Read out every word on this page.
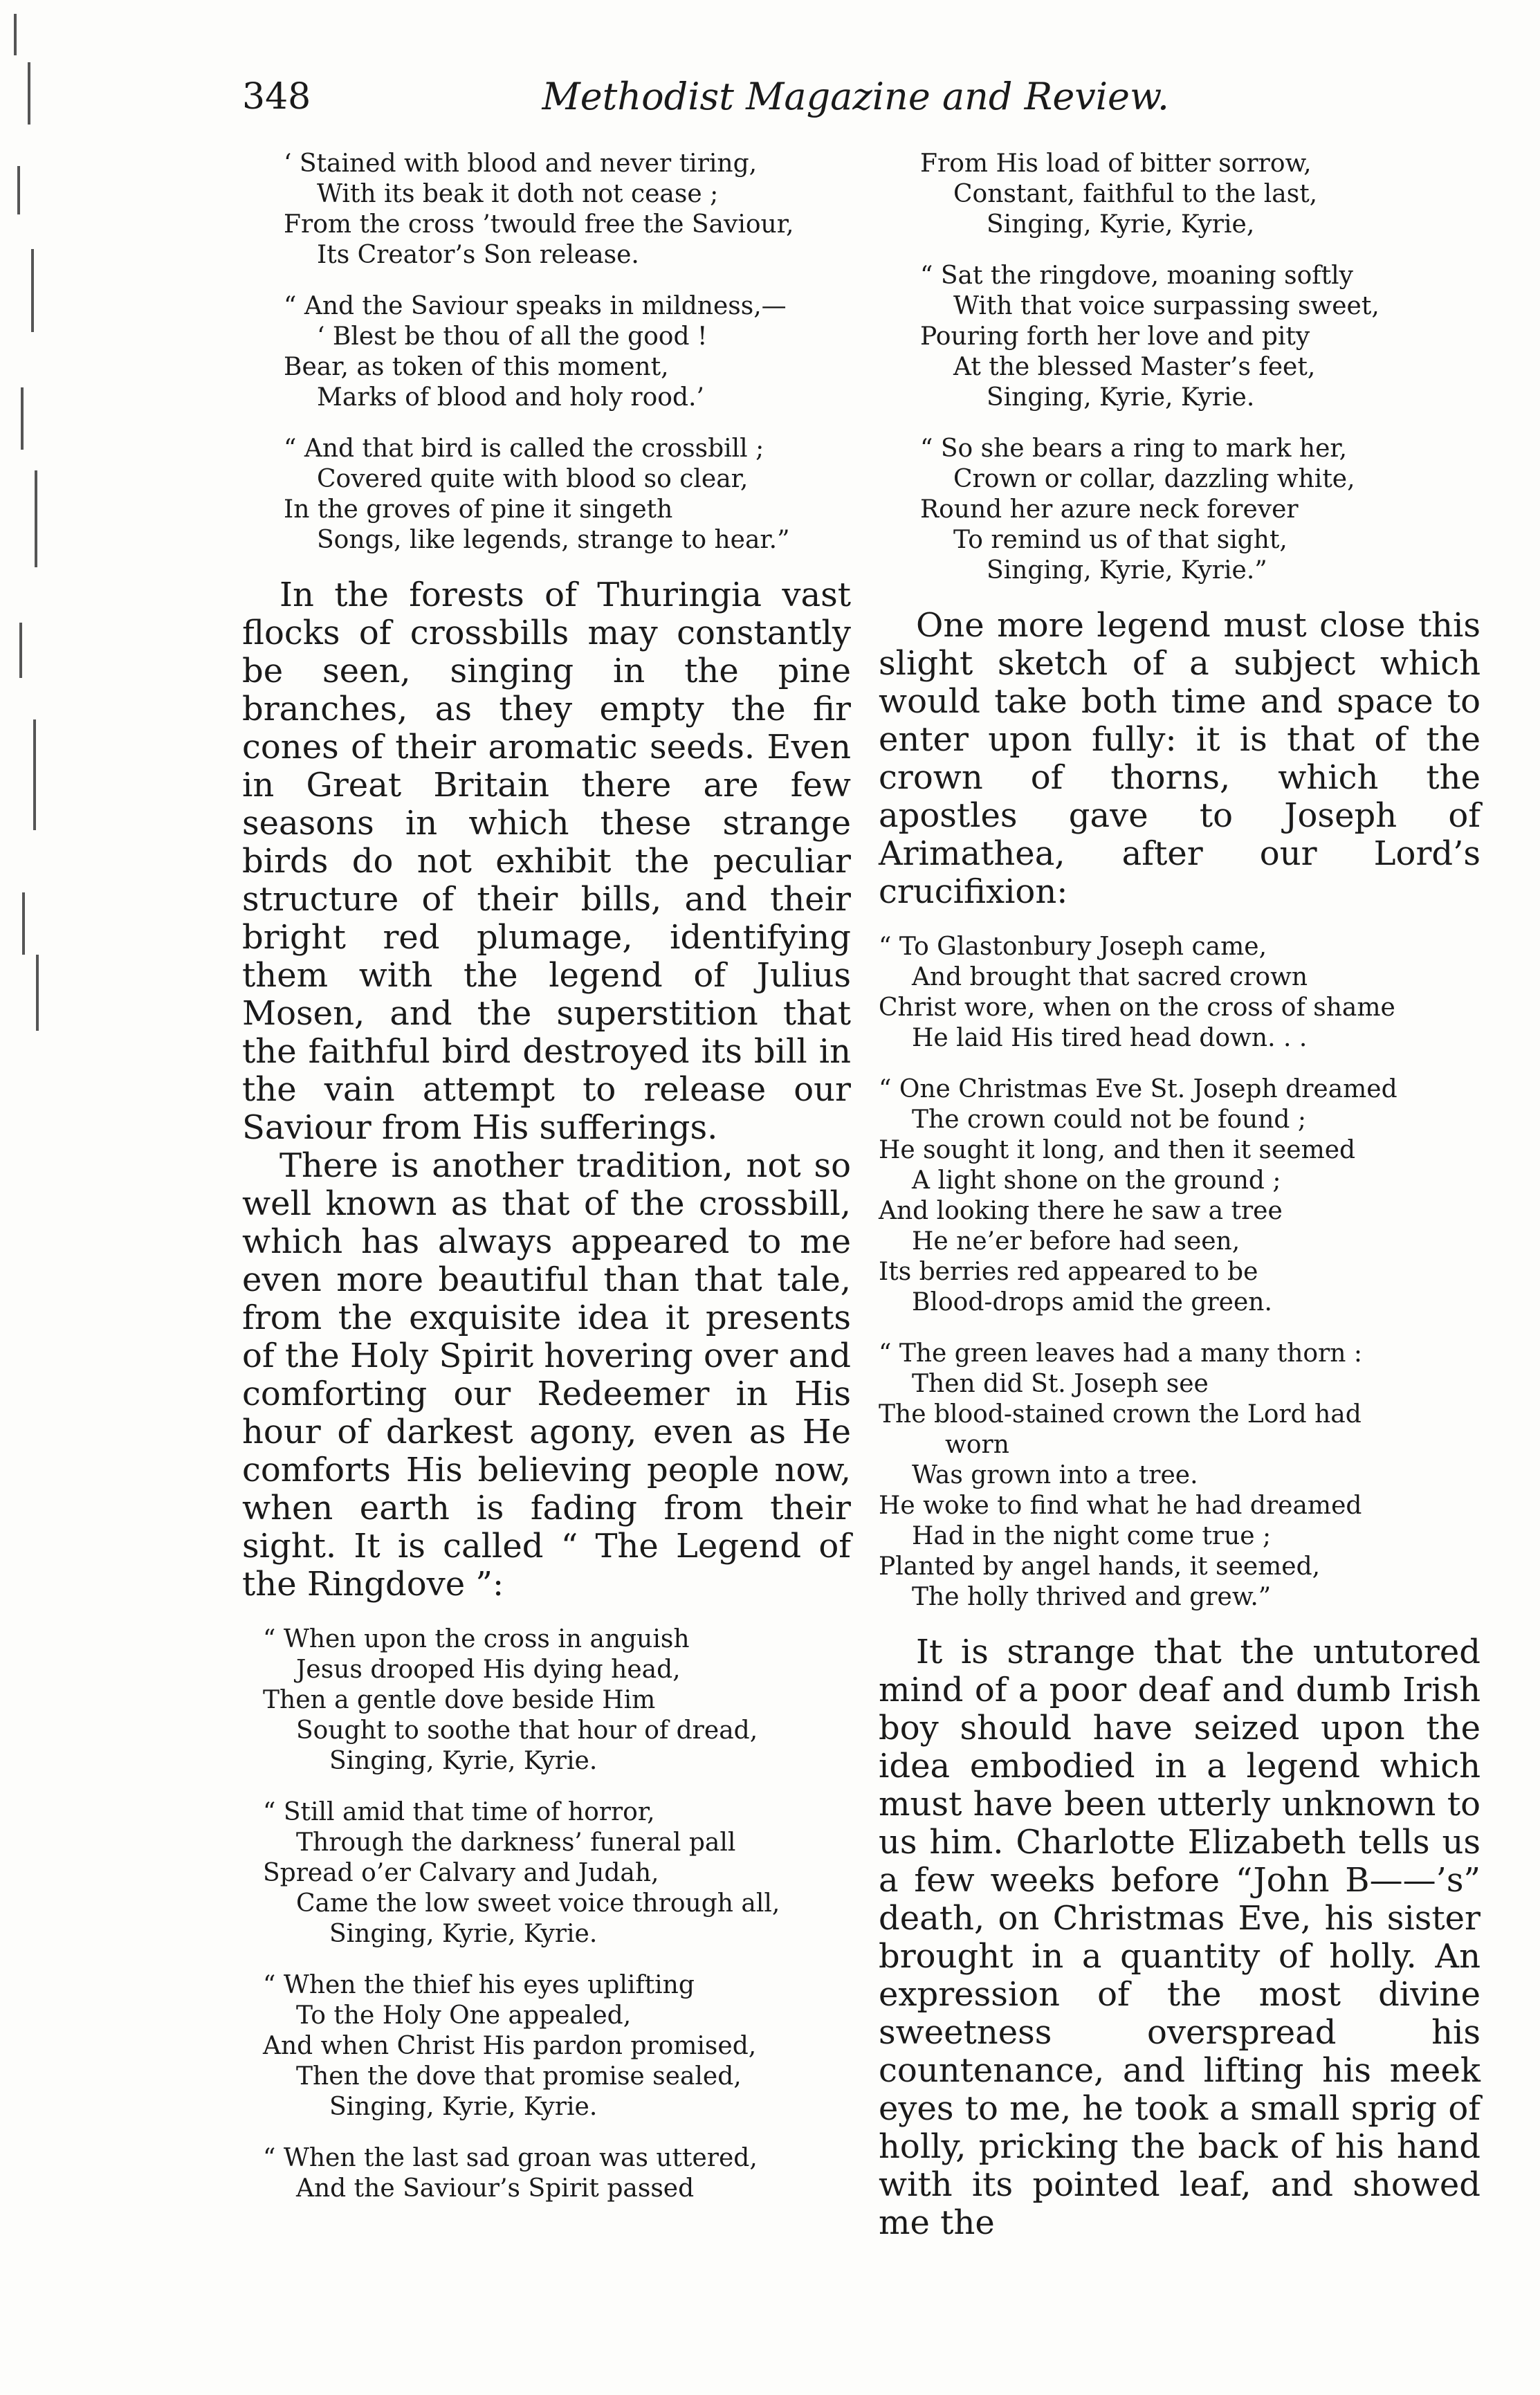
348	Methodist Magazine and Review.
‘ Stained with blood and never tiring,
With its beak it doth not cease ;
From the cross ’twould free the Saviour,
Its Creator’s Son release.
“ And the Saviour speaks in mildness,—
‘ Blest be thou of all the good !
Bear, as token of this moment,
Marks of blood and holy rood.’
“ And that bird is called the crossbill ;
Covered quite with blood so clear,
In the groves of pine it singeth
Songs, like legends, strange to hear.”

In the forests of Thuringia vast flocks of crossbills may constantly be seen, singing in the pine branches, as they empty the fir cones of their aromatic seeds. Even in Great Britain there are few seasons in which these strange birds do not exhibit the peculiar structure of their bills, and their bright red plumage, identifying them with the legend of Julius Mosen, and the superstition that the faithful bird destroyed its bill in the vain attempt to release our Saviour from His sufferings.

There is another tradition, not so well known as that of the crossbill, which has always appeared to me even more beautiful than that tale, from the exquisite idea it presents of the Holy Spirit hovering over and comforting our Redeemer in His hour of darkest agony, even as He comforts His believing people now, when earth is fading from their sight. It is called “ The Legend of the Ringdove ”:

“ When upon the cross in anguish
Jesus drooped His dying head,
Then a gentle dove beside Him
Sought to soothe that hour of dread,
Singing, Kyrie, Kyrie.
“ Still amid that time of horror,
Through the darkness’ funeral pall
Spread o’er Calvary and Judah,
Came the low sweet voice through all,
Singing, Kyrie, Kyrie.
“ When the thief his eyes uplifting
To the Holy One appealed,
And when Christ His pardon promised,
Then the dove that promise sealed,
Singing, Kyrie, Kyrie.
“ When the last sad groan was uttered,
And the Saviour’s Spirit passed
From His load of bitter sorrow,
Constant, faithful to the last,
Singing, Kyrie, Kyrie,
“ Sat the ringdove, moaning softly
With that voice surpassing sweet,
Pouring forth her love and pity
At the blessed Master’s feet,
Singing, Kyrie, Kyrie.
“ So she bears a ring to mark her,
Crown or collar, dazzling white,
Round her azure neck forever
To remind us of that sight,
Singing, Kyrie, Kyrie.”

One more legend must close this slight sketch of a subject which would take both time and space to enter upon fully: it is that of the crown of thorns, which the apostles gave to Joseph of Arimathea, after our Lord’s crucifixion:

“ To Glastonbury Joseph came,
And brought that sacred crown
Christ wore, when on the cross of shame
He laid His tired head down. . .
“ One Christmas Eve St. Joseph dreamed
The crown could not be found ;
He sought it long, and then it seemed
A light shone on the ground ;
And looking there he saw a tree
He ne’er before had seen,
Its berries red appeared to be
Blood-drops amid the green.
“ The green leaves had a many thorn :
Then did St. Joseph see
The blood-stained crown the Lord had
worn
Was grown into a tree.
He woke to find what he had dreamed
Had in the night come true ;
Planted by angel hands, it seemed,
The holly thrived and grew.”

It is strange that the untutored mind of a poor deaf and dumb Irish boy should have seized upon the idea embodied in a legend which must have been utterly unknown to us him. Charlotte Elizabeth tells us a few weeks before “John B——’s” death, on Christmas Eve, his sister brought in a quantity of holly. An expression of the most divine sweetness overspread his countenance, and lifting his meek eyes to me, he took a small sprig of holly, pricking the back of his hand with its pointed leaf, and showed me the
